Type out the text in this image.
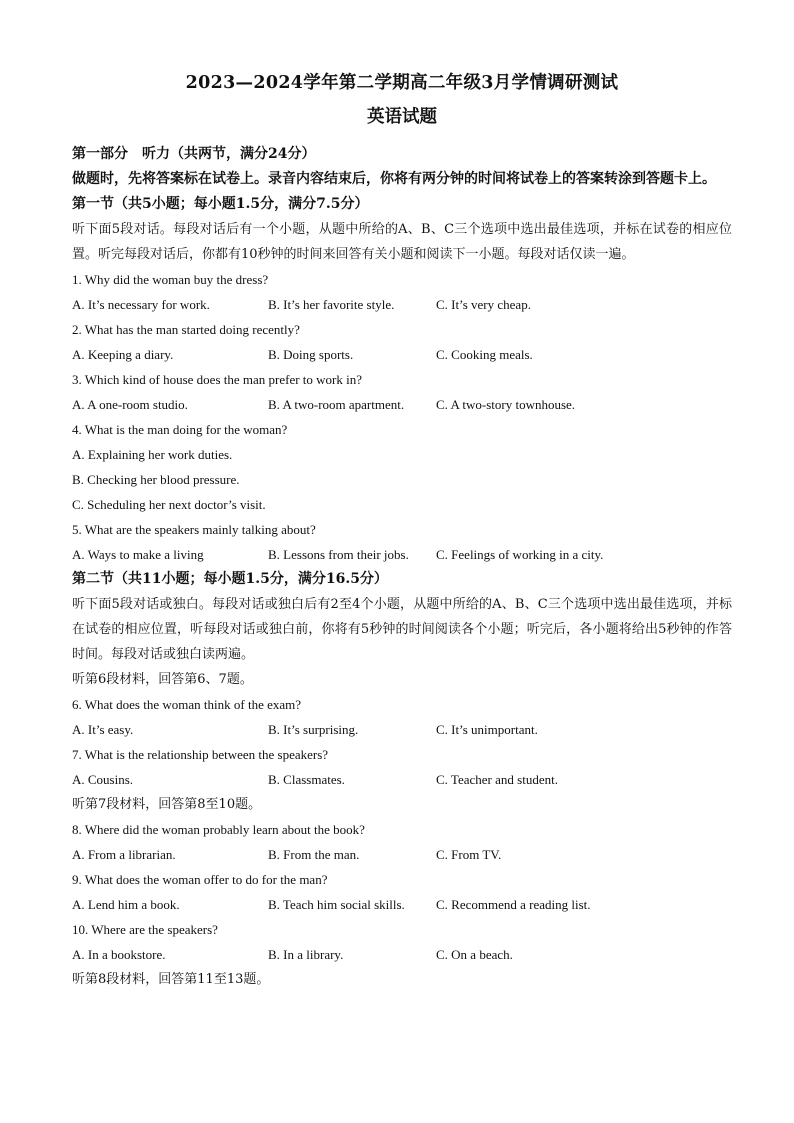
2023—2024学年第二学期高二年级3月学情调研测试
英语试题
第一部分　听力（共两节，满分24分）
做题时，先将答案标在试卷上。录音内容结束后，你将有两分钟的时间将试卷上的答案转涂到答题卡上。
第一节（共5小题；每小题1.5分，满分7.5分）
听下面5段对话。每段对话后有一个小题，从题中所给的A、B、C三个选项中选出最佳选项，并标在试卷的相应位置。听完每段对话后，你都有10秒钟的时间来回答有关小题和阅读下一小题。每段对话仅读一遍。
1. Why did the woman buy the dress?
A. It’s necessary for work.	B. It’s her favorite style.	C. It’s very cheap.
2. What has the man started doing recently?
A. Keeping a diary.	B. Doing sports.	C. Cooking meals.
3. Which kind of house does the man prefer to work in?
A. A one-room studio.	B. A two-room apartment.	C. A two-story townhouse.
4. What is the man doing for the woman?
A. Explaining her work duties.
B. Checking her blood pressure.
C. Scheduling her next doctor’s visit.
5. What are the speakers mainly talking about?
A. Ways to make a living	B. Lessons from their jobs.	C. Feelings of working in a city.
第二节（共11小题；每小题1.5分，满分16.5分）
听下面5段对话或独白。每段对话或独白后有2至4个小题，从题中所给的A、B、C三个选项中选出最佳选项，并标在试卷的相应位置，听每段对话或独白前，你将有5秒钟的时间阅读各个小题；听完后，各小题将给出5秒钟的作答时间。每段对话或独白读两遍。
听第6段材料，回答第6、7题。
6. What does the woman think of the exam?
A. It’s easy.	B. It’s surprising.	C. It’s unimportant.
7. What is the relationship between the speakers?
A. Cousins.	B. Classmates.	C. Teacher and student.
听第7段材料，回答第8至10题。
8. Where did the woman probably learn about the book?
A. From a librarian.	B. From the man.	C. From TV.
9. What does the woman offer to do for the man?
A. Lend him a book.	B. Teach him social skills.	C. Recommend a reading list.
10. Where are the speakers?
A. In a bookstore.	B. In a library.	C. On a beach.
听第8段材料，回答第11至13题。
